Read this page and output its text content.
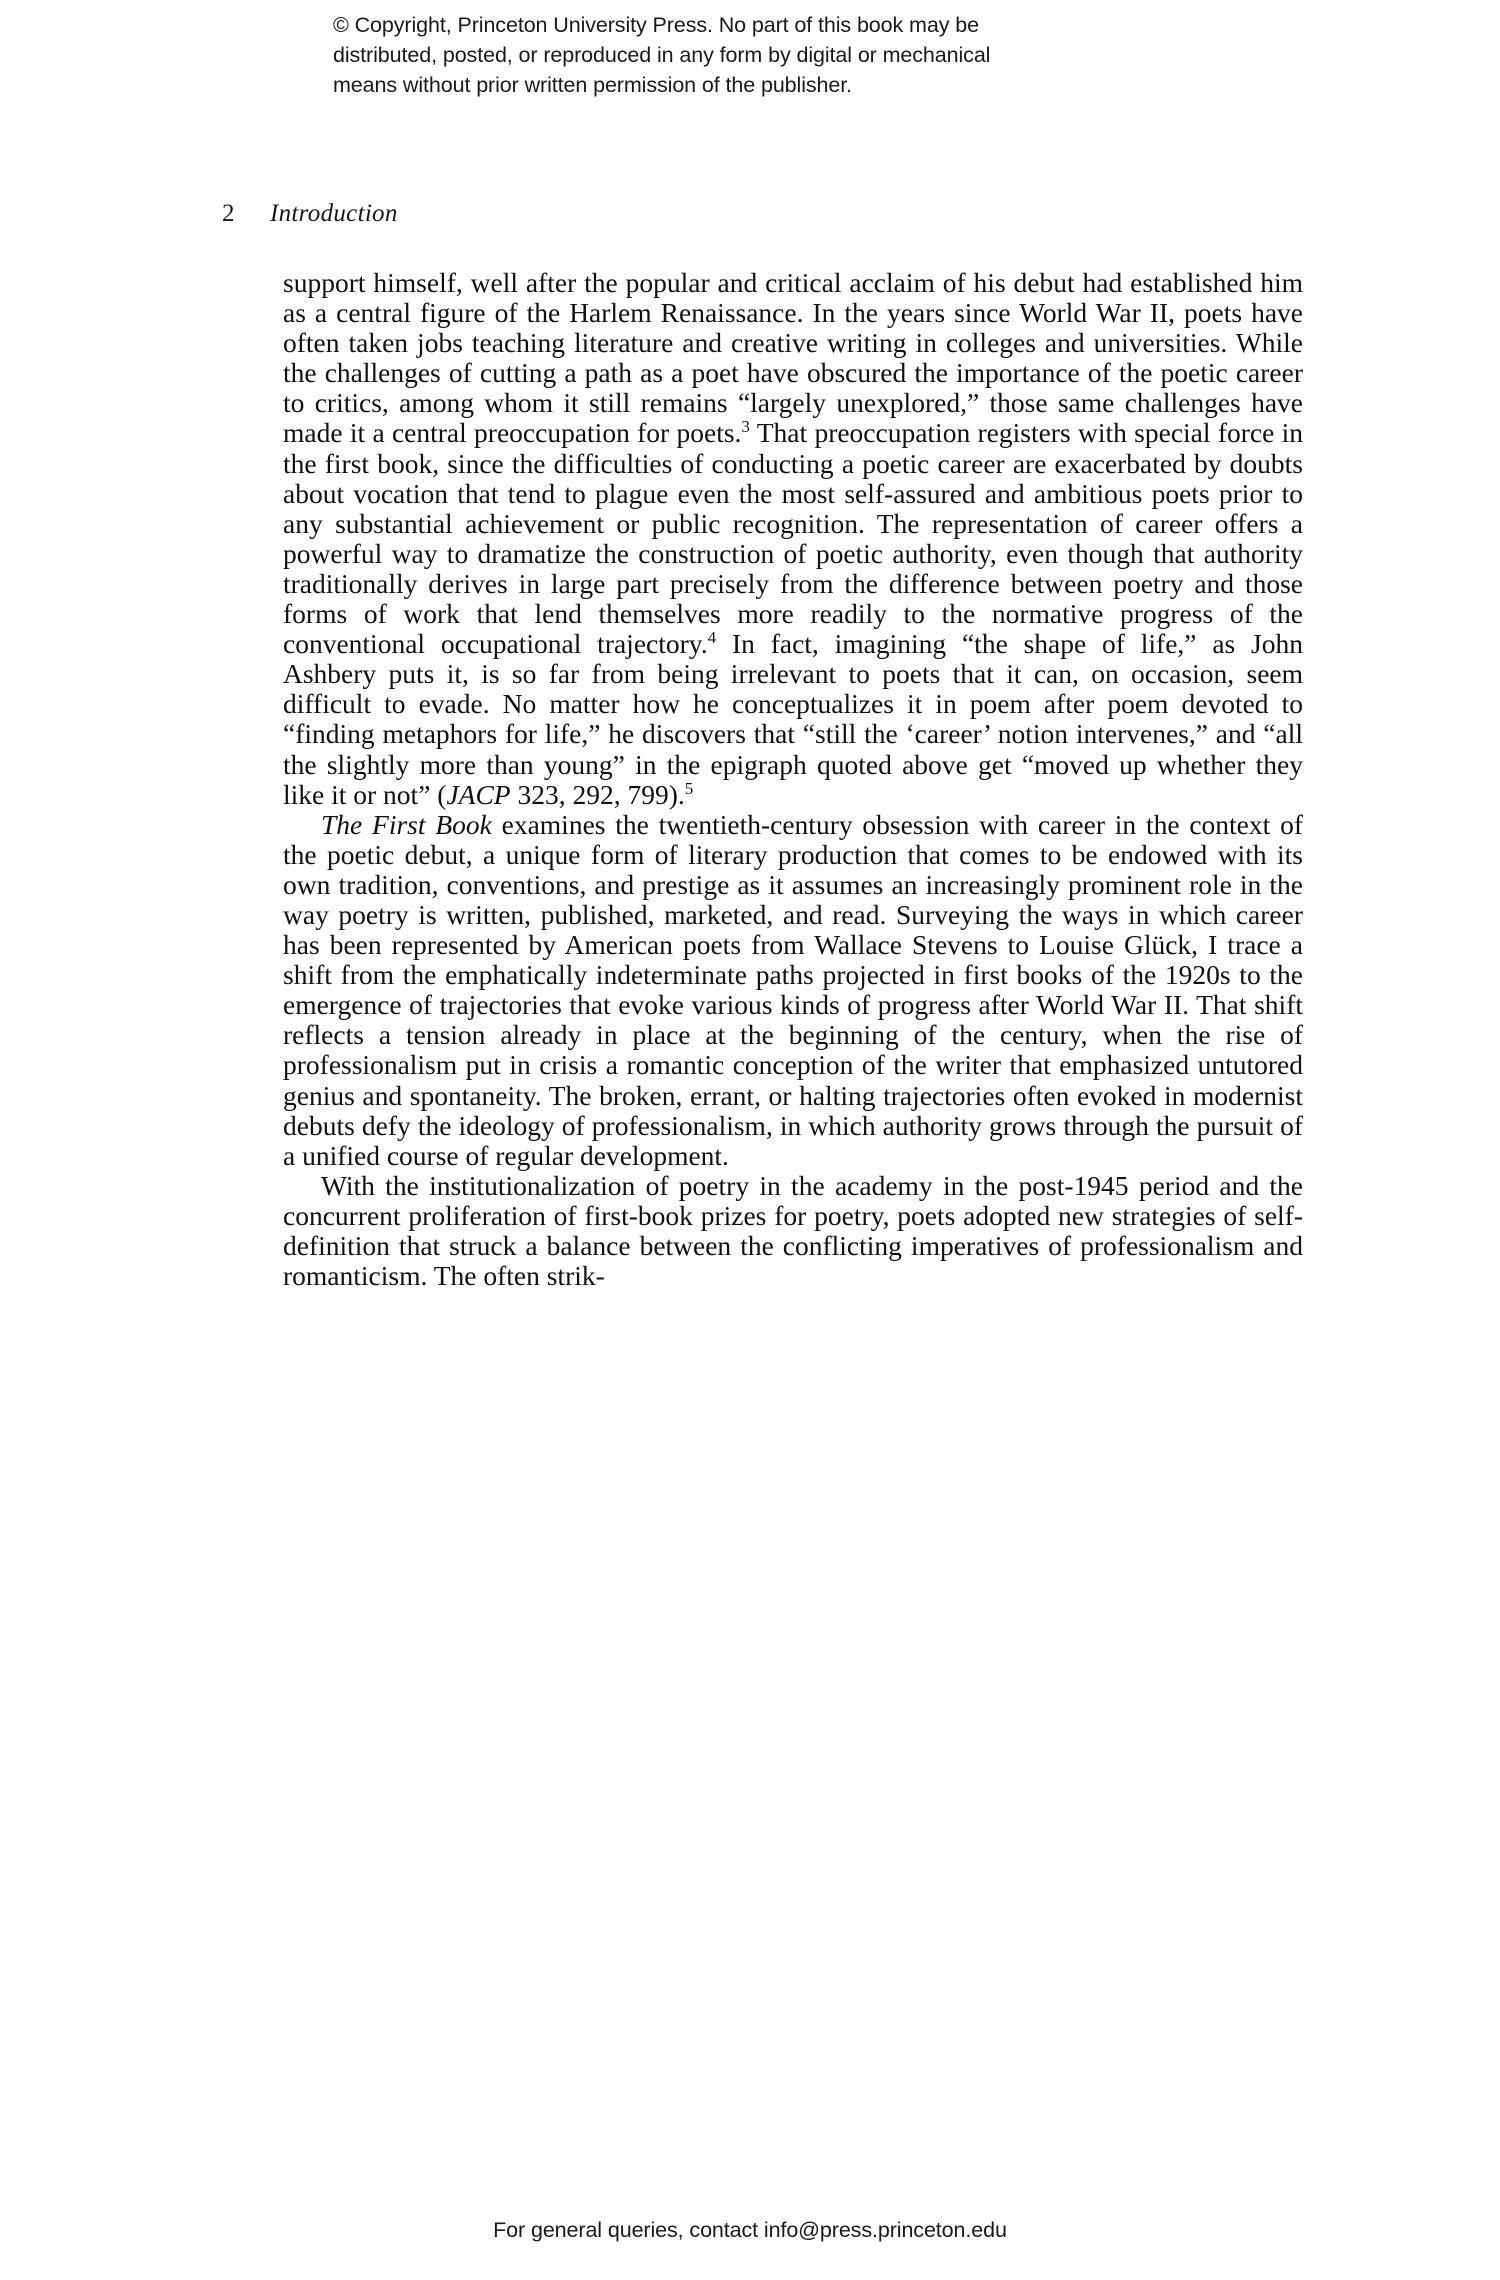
© Copyright, Princeton University Press. No part of this book may be
distributed, posted, or reproduced in any form by digital or mechanical
means without prior written permission of the publisher.
2	Introduction

support himself, well after the popular and critical acclaim of his debut had established him as a central figure of the Harlem Renaissance. In the years since World War II, poets have often taken jobs teaching literature and creative writing in colleges and universities. While the challenges of cutting a path as a poet have obscured the importance of the poetic career to critics, among whom it still remains “largely unexplored,” those same challenges have made it a central preoccupation for poets.$^3$ That preoccupation registers with special force in the first book, since the difficulties of conducting a poetic career are exacerbated by doubts about vocation that tend to plague even the most self-assured and ambitious poets prior to any substantial achievement or public recognition. The representation of career offers a powerful way to dramatize the construction of poetic authority, even though that authority traditionally derives in large part precisely from the difference between poetry and those forms of work that lend themselves more readily to the normative progress of the conventional occupational trajectory.$^4$ In fact, imagining “the shape of life,” as John Ashbery puts it, is so far from being irrelevant to poets that it can, on occasion, seem difficult to evade. No matter how he conceptualizes it in poem after poem devoted to “finding metaphors for life,” he discovers that “still the ‘career’ notion intervenes,” and “all the slightly more than young” in the epigraph quoted above get “moved up whether they like it or not” (JACP 323, 292, 799).$^5$

The First Book examines the twentieth-century obsession with career in the context of the poetic debut, a unique form of literary production that comes to be endowed with its own tradition, conventions, and prestige as it assumes an increasingly prominent role in the way poetry is written, published, marketed, and read. Surveying the ways in which career has been represented by American poets from Wallace Stevens to Louise Glück, I trace a shift from the emphatically indeterminate paths projected in first books of the 1920s to the emergence of trajectories that evoke various kinds of progress after World War II. That shift reflects a tension already in place at the beginning of the century, when the rise of professionalism put in crisis a romantic conception of the writer that emphasized untutored genius and spontaneity. The broken, errant, or halting trajectories often evoked in modernist debuts defy the ideology of professionalism, in which authority grows through the pursuit of a unified course of regular development.

With the institutionalization of poetry in the academy in the post-1945 period and the concurrent proliferation of first-book prizes for poetry, poets adopted new strategies of self-definition that struck a balance between the conflicting imperatives of professionalism and romanticism. The often strik-

For general queries, contact info@press.princeton.edu
